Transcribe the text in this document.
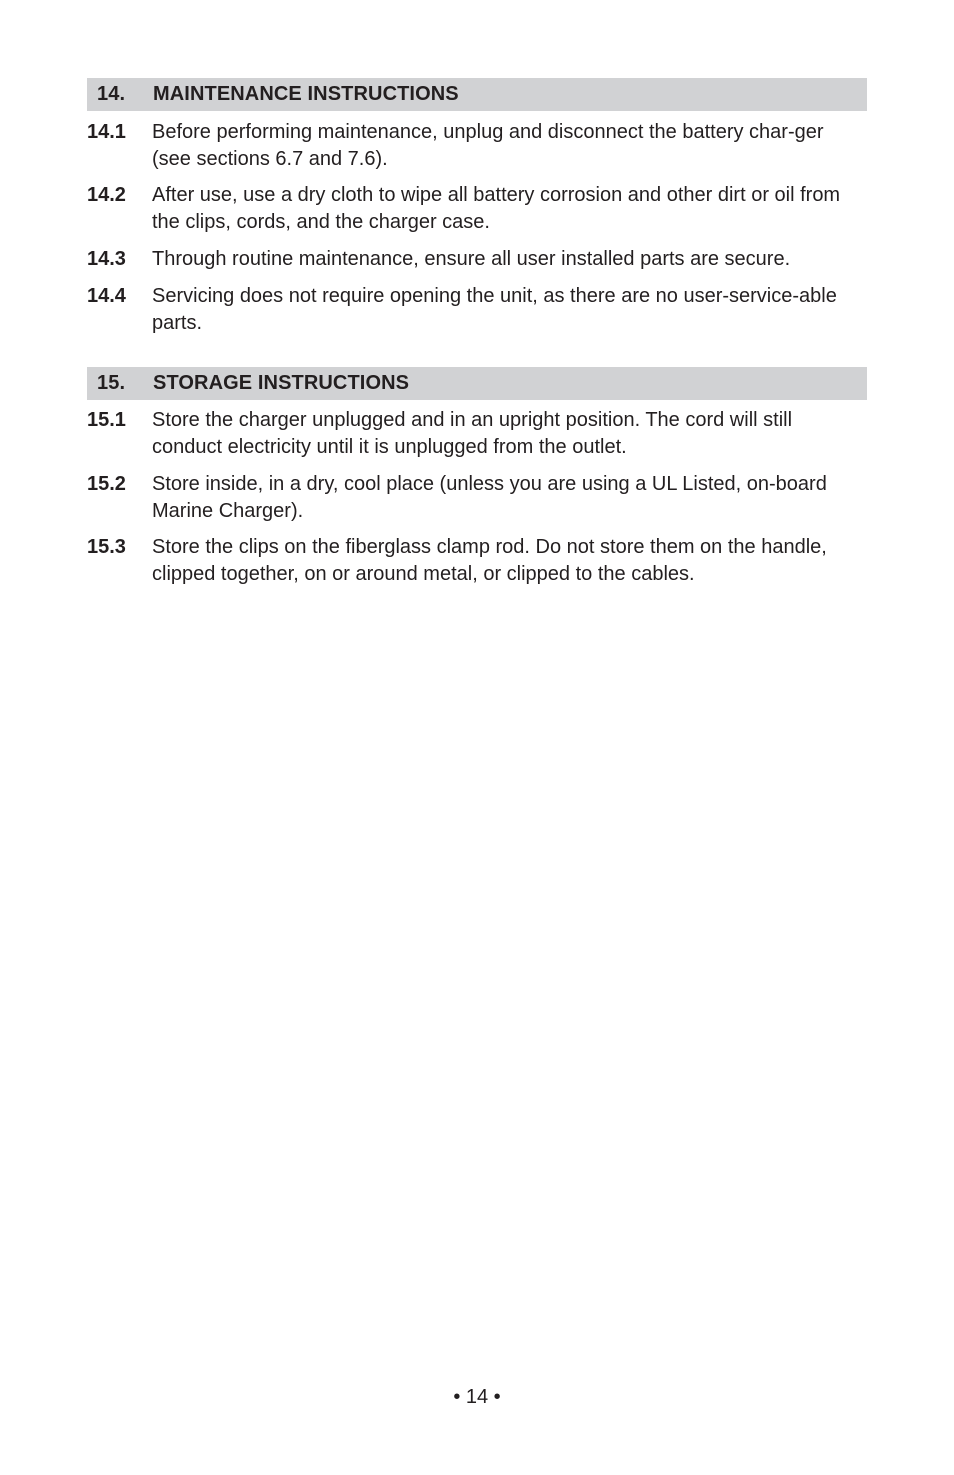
14. MAINTENANCE INSTRUCTIONS
14.1 Before performing maintenance, unplug and disconnect the battery char-ger (see sections 6.7 and 7.6).
14.2 After use, use a dry cloth to wipe all battery corrosion and other dirt or oil from the clips, cords, and the charger case.
14.3 Through routine maintenance, ensure all user installed parts are secure.
14.4 Servicing does not require opening the unit, as there are no user-service-able parts.
15. STORAGE INSTRUCTIONS
15.1 Store the charger unplugged and in an upright position. The cord will still conduct electricity until it is unplugged from the outlet.
15.2 Store inside, in a dry, cool place (unless you are using a UL Listed, on-board Marine Charger).
15.3 Store the clips on the fiberglass clamp rod. Do not store them on the handle, clipped together, on or around metal, or clipped to the cables.
• 14 •
